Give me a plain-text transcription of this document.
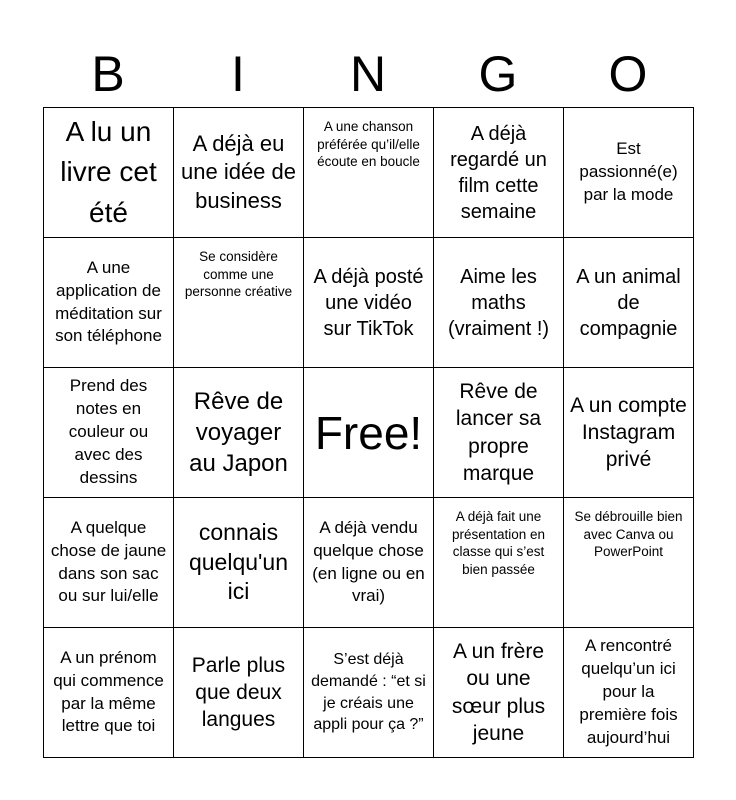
B	I	N	G	O
A lu un livre cet été
A déjà eu une idée de business
A une chanson préférée qu’il/elle écoute en boucle
A déjà regardé un film cette semaine
Est passionné(e) par la mode
A une application de méditation sur son téléphone
Se considère comme une personne créative
A déjà posté une vidéo sur TikTok
Aime les maths (vraiment !)
A un animal de compagnie
Prend des notes en couleur ou avec des dessins
Rêve de voyager au Japon
Free!
Rêve de lancer sa propre marque
A un compte Instagram privé
A quelque chose de jaune dans son sac ou sur lui/elle
connais quelqu'un ici
A déjà vendu quelque chose (en ligne ou en vrai)
A déjà fait une présentation en classe qui s’est bien passée
Se débrouille bien avec Canva ou PowerPoint
A un prénom qui commence par la même lettre que toi
Parle plus que deux langues
S’est déjà demandé : “et si je créais une appli pour ça ?”
A un frère ou une sœur plus jeune
A rencontré quelqu’un ici pour la première fois aujourd’hui
